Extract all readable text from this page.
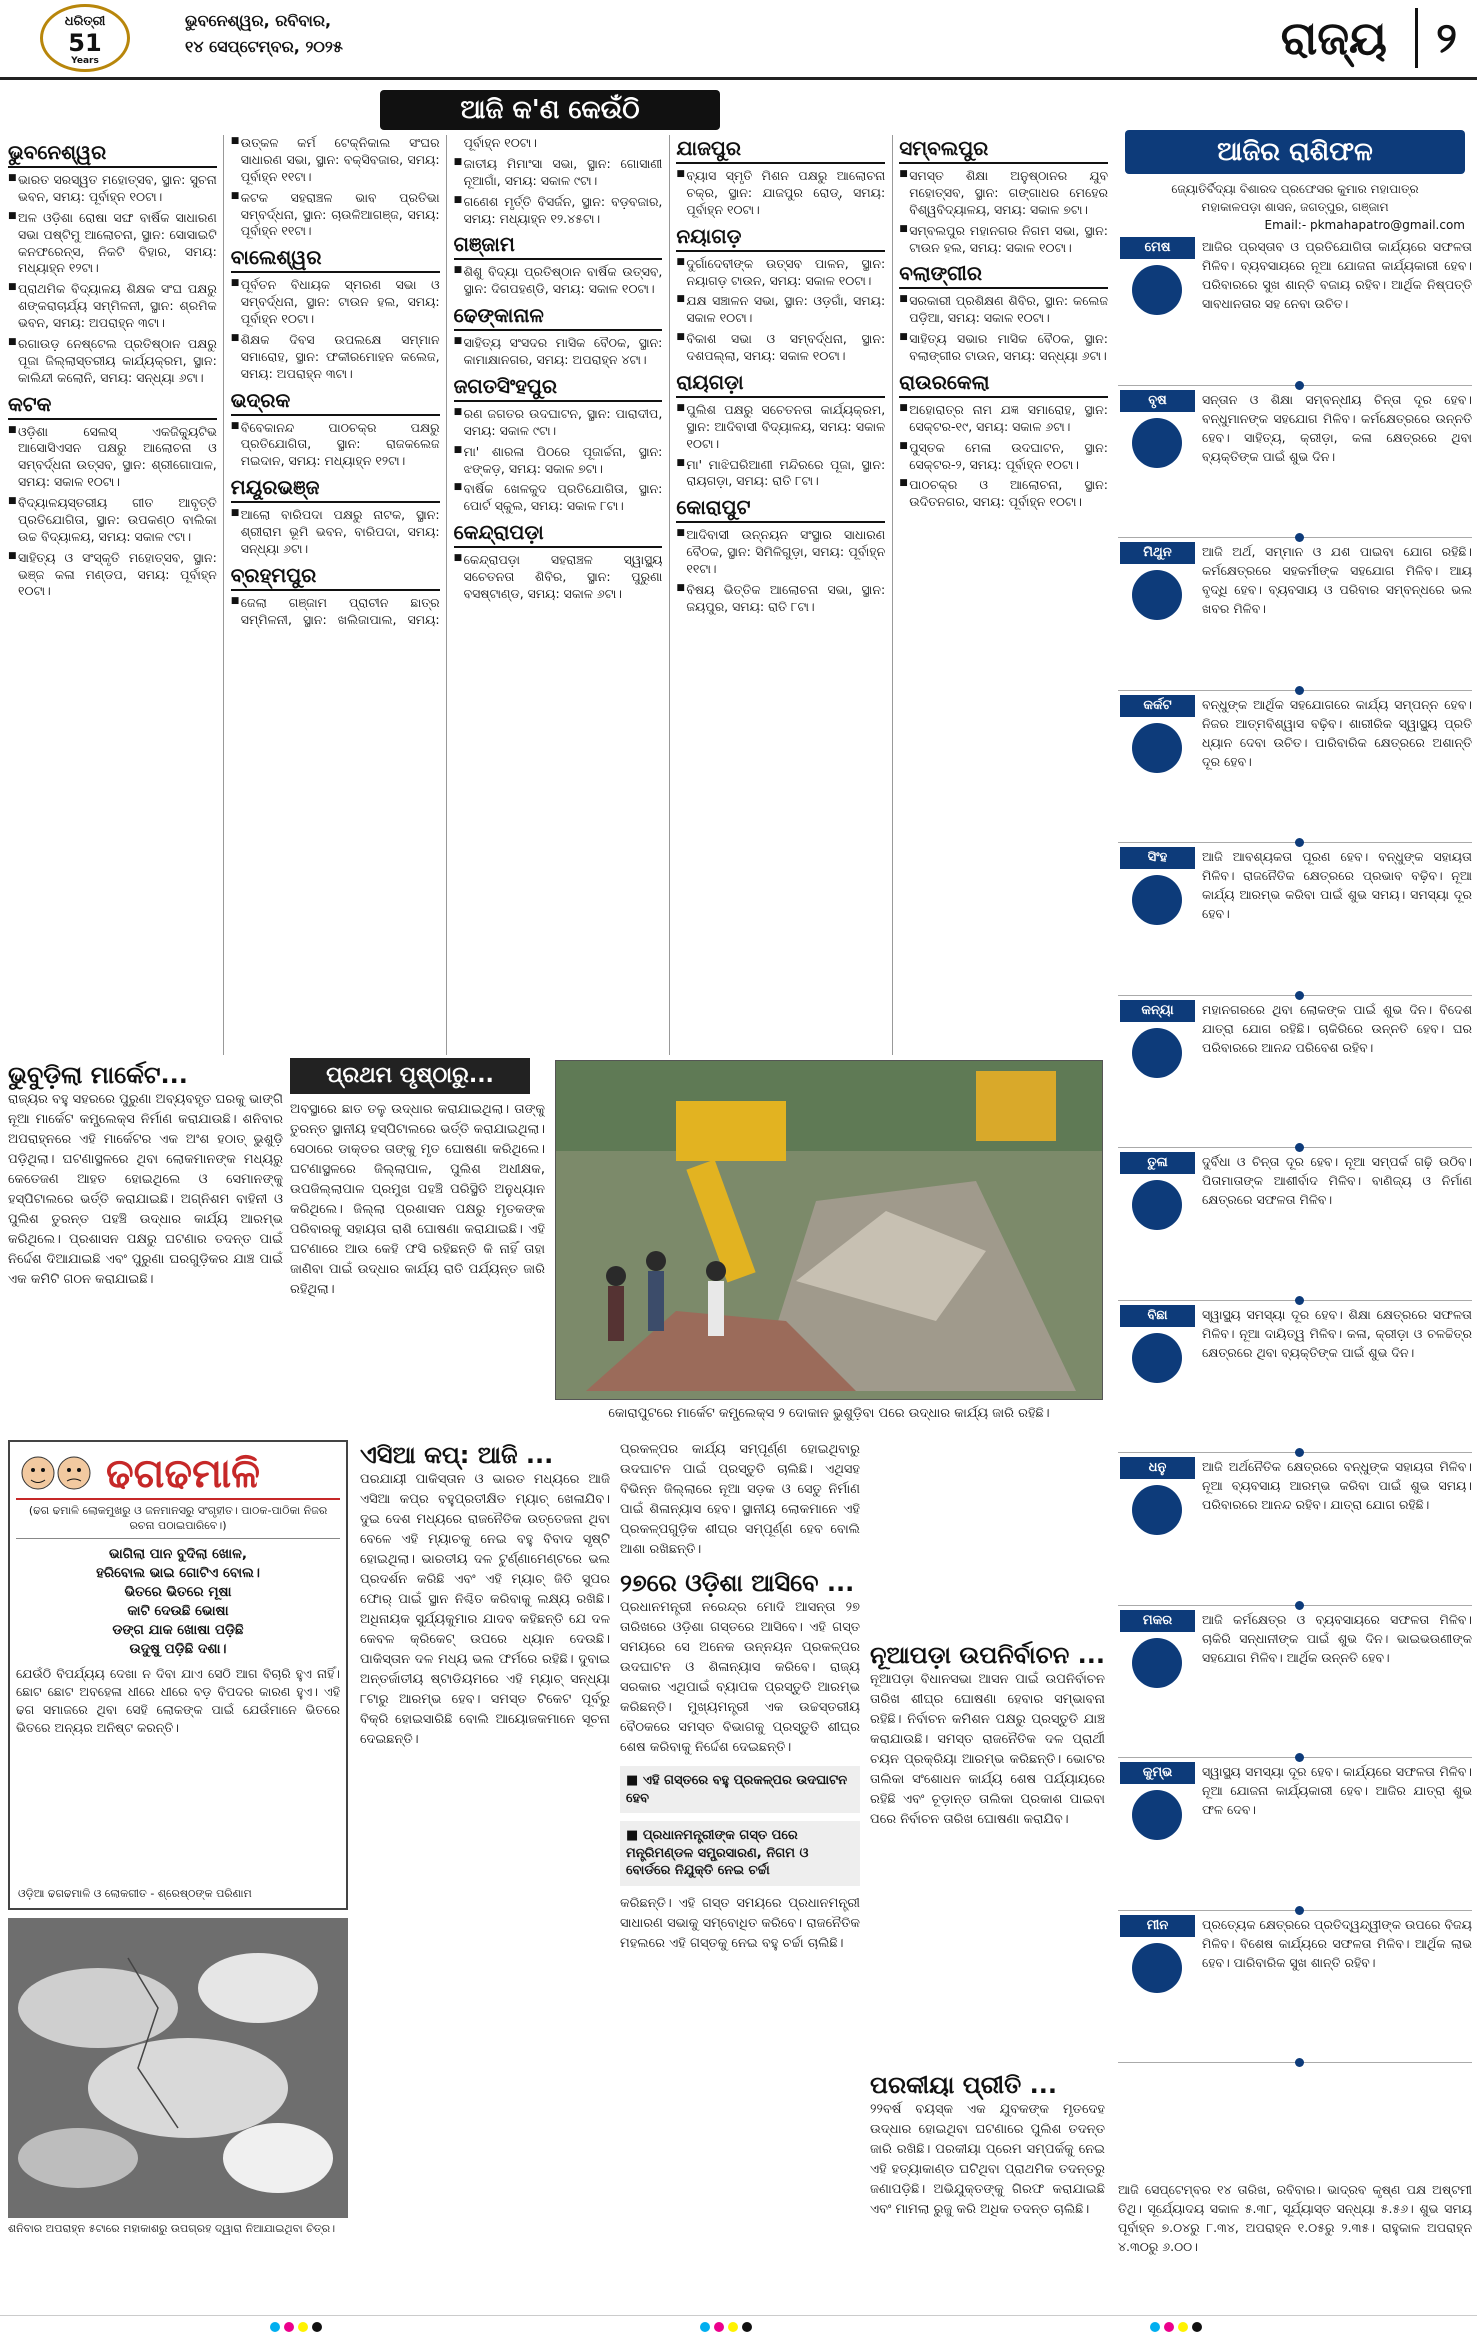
ଧରିତ୍ରୀ
51
Years
ଭୁବନେଶ୍ୱର, ରବିବାର,
୧୪ ସେପ୍ଟେମ୍ବର, ୨୦୨୫	ରାଜ୍ୟ	୨
ଆଜି କ'ଣ କେଉଁଠି
ଭୁବନେଶ୍ୱର
■ ଭାରତ ସରସ୍ୱତ ମହୋତ୍ସବ, ସ୍ଥାନ: ସୁଚନା ଭବନ, ସମୟ: ପୂର୍ବାହ୍ନ ୧୦ଟା।
■ ଅଳ ଓଡ଼ିଶା ରୋଷା ସଙ୍ଘ ବାର୍ଷିକ ସାଧାରଣ ସଭା ପଷ୍ଟିମୁ ଆଲୋଚନା, ସ୍ଥାନ: ସୋସାଇଟି କନଫରେନ୍ସ, ନିକଟି ବିହାର, ସମୟ: ମଧ୍ୟାହ୍ନ ୧୨ଟା।
■ ପ୍ରାଥମିକ ବିଦ୍ୟାଳୟ ଶିକ୍ଷକ ସଂଘ ପକ୍ଷରୁ ଶଙ୍କରାଚାର୍ଯ୍ୟ ସମ୍ମିଳନୀ, ସ୍ଥାନ: ଶ୍ରମିକ ଭବନ, ସମୟ: ଅପରାହ୍ନ ୩ଟା।
■ ରଗାଉଡ଼ ନେଷ୍ଟେଲ ପ୍ରତିଷ୍ଠାନ ପକ୍ଷରୁ ପୂଜା ଜିଲ୍ଲାସ୍ତରୀୟ କାର୍ଯ୍ୟକ୍ରମ, ସ୍ଥାନ: କାଲିନ୍ଦୀ କଲୋନି, ସମୟ: ସନ୍ଧ୍ୟା ୬ଟା।
କଟକ
■ ଓଡ଼ିଶା ସେଲସ୍ ଏକଜିକ୍ୟୁଟିଭ ଆସୋସିଏସନ ପକ୍ଷରୁ ଆଲୋଚନା ଓ ସମ୍ବର୍ଦ୍ଧନା ଉତ୍ସବ, ସ୍ଥାନ: ଶ୍ରୀଗୋପାଳ, ସମୟ: ସକାଳ ୧୦ଟା।
■ ବିଦ୍ୟାଳୟସ୍ତରୀୟ ଗୀତ ଆବୃତ୍ତି ପ୍ରତିଯୋଗିତା, ସ୍ଥାନ: ଉପକଣ୍ଠ ବାଲିକା ଉଚ୍ଚ ବିଦ୍ୟାଳୟ, ସମୟ: ସକାଳ ୯ଟା।
■ ସାହିତ୍ୟ ଓ ସଂସ୍କୃତି ମହୋତ୍ସବ, ସ୍ଥାନ: ଭଞ୍ଜ କଳା ମଣ୍ଡପ, ସମୟ: ପୂର୍ବାହ୍ନ ୧୦ଟା।
■ ଉତ୍କଳ କର୍ମ ଟେକ୍ନିକାଲ ସଂଘର ସାଧାରଣ ସଭା, ସ୍ଥାନ: ବକ୍ସିବଜାର, ସମୟ: ପୂର୍ବାହ୍ନ ୧୧ଟା।
■ କଟକ ସହରାଞ୍ଚଳ ଭାବ ପ୍ରତିଭା ସମ୍ବର୍ଦ୍ଧନା, ସ୍ଥାନ: ଚାଉଳିଆଗଞ୍ଜ, ସମୟ: ପୂର୍ବାହ୍ନ ୧୧ଟା।
ବାଲେଶ୍ୱର
■ ପୂର୍ବତନ ବିଧାୟକ ସ୍ମରଣ ସଭା ଓ ସମ୍ବର୍ଦ୍ଧନା, ସ୍ଥାନ: ଟାଉନ ହଲ, ସମୟ: ପୂର୍ବାହ୍ନ ୧୦ଟା।
■ ଶିକ୍ଷକ ଦିବସ ଉପଲକ୍ଷେ ସମ୍ମାନ ସମାରୋହ, ସ୍ଥାନ: ଫକୀରମୋହନ କଲେଜ, ସମୟ: ଅପରାହ୍ନ ୩ଟା।
ଭଦ୍ରକ
■ ବିବେକାନନ୍ଦ ପାଠଚକ୍ର ପକ୍ଷରୁ ପ୍ରତିଯୋଗିତା, ସ୍ଥାନ: ରାଜକଲେଜ ମଇଦାନ, ସମୟ: ମଧ୍ୟାହ୍ନ ୧୨ଟା।
ମୟୂରଭଞ୍ଜ
■ ଆଲୋ ବାରିପଦା ପକ୍ଷରୁ ନାଟକ, ସ୍ଥାନ: ଶ୍ରୀରାମ ଭୂମି ଭବନ, ବାରିପଦା, ସମୟ: ସନ୍ଧ୍ୟା ୬ଟା।
ବ୍ରହ୍ମପୁର
■ ଜେଲା ଗଞ୍ଜାମ ପ୍ରାଚୀନ ଛାତ୍ର ସମ୍ମିଳନୀ, ସ୍ଥାନ: ଖଲିଜାପାଲ, ସମୟ: ପୂର୍ବାହ୍ନ ୧୦ଟା।
■ ଜାତୀୟ ମିମାଂସା ସଭା, ସ୍ଥାନ: ଗୋସାଣୀ ନୂଆଗାଁ, ସମୟ: ସକାଳ ୯ଟା।
■ ଗଣେଶ ମୃର୍ତ୍ତି ବିସର୍ଜନ, ସ୍ଥାନ: ବଡ଼ବଜାର, ସମୟ: ମଧ୍ୟାହ୍ନ ୧୨.୪୫ଟା।
ଗଞ୍ଜାମ
■ ଶିଶୁ ବିଦ୍ୟା ପ୍ରତିଷ୍ଠାନ ବାର୍ଷିକ ଉତ୍ସବ, ସ୍ଥାନ: ଦିଗପହଣ୍ଡି, ସମୟ: ସକାଳ ୧୦ଟା।
ଢେଙ୍କାନାଳ
■ ସାହିତ୍ୟ ସଂସଦର ମାସିକ ବୈଠକ, ସ୍ଥାନ: କାମାକ୍ଷାନଗର, ସମୟ: ଅପରାହ୍ନ ୪ଟା।
ଜଗତସିଂହପୁର
■ ରଣ ଜଗତର ଉଦଘାଟନ, ସ୍ଥାନ: ପାରାଦୀପ, ସମୟ: ସକାଳ ୯ଟା।
■ ମା' ଶାରଳା ପିଠରେ ପୂଜାର୍ଚ୍ଚନା, ସ୍ଥାନ: ଝଙ୍କଡ଼, ସମୟ: ସକାଳ ୭ଟା।
■ ବାର୍ଷିକ ଖେଳକୁଦ ପ୍ରତିଯୋଗିତା, ସ୍ଥାନ: ପୋର୍ଟ ସ୍କୁଲ, ସମୟ: ସକାଳ ୮ଟା।
କେନ୍ଦ୍ରାପଡ଼ା
■ କେନ୍ଦ୍ରାପଡ଼ା ସହରାଞ୍ଚଳ ସ୍ୱାସ୍ଥ୍ୟ ସଚେତନତା ଶିବିର, ସ୍ଥାନ: ପୁରୁଣା ବସଷ୍ଟାଣ୍ଡ, ସମୟ: ସକାଳ ୬ଟା।
ଯାଜପୁର
■ ବ୍ୟାସ ସ୍ମୃତି ମିଶନ ପକ୍ଷରୁ ଆଲୋଚନା ଚକ୍ର, ସ୍ଥାନ: ଯାଜପୁର ରୋଡ୍, ସମୟ: ପୂର୍ବାହ୍ନ ୧୦ଟା।
ନୟାଗଡ଼
■ ଦୁର୍ଗାଦେବୀଙ୍କ ଉତ୍ସବ ପାଳନ, ସ୍ଥାନ: ନୟାଗଡ଼ ଟାଉନ, ସମୟ: ସକାଳ ୧୦ଟା।
■ ଯକ୍ଷ ସଞ୍ଚାଳନ ସଭା, ସ୍ଥାନ: ଓଡ଼ଗାଁ, ସମୟ: ସକାଳ ୧୦ଟା।
■ ବିକାଶ ସଭା ଓ ସମ୍ବର୍ଦ୍ଧନା, ସ୍ଥାନ: ଦଶପଲ୍ଲା, ସମୟ: ସକାଳ ୧୦ଟା।
ରାୟଗଡ଼ା
■ ପୁଲିଶ ପକ୍ଷରୁ ସଚେତନତା କାର୍ଯ୍ୟକ୍ରମ, ସ୍ଥାନ: ଆଦିବାସୀ ବିଦ୍ୟାଳୟ, ସମୟ: ସକାଳ ୧୦ଟା।
■ ମା' ମାଝିଘରିଆଣୀ ମନ୍ଦିରରେ ପୂଜା, ସ୍ଥାନ: ରାୟଗଡ଼ା, ସମୟ: ରାତି ୮ଟା।
କୋରାପୁଟ
■ ଆଦିବାସୀ ଉନ୍ନୟନ ସଂସ୍ଥାର ସାଧାରଣ ବୈଠକ, ସ୍ଥାନ: ସିମିଳିଗୁଡ଼ା, ସମୟ: ପୂର୍ବାହ୍ନ ୧୧ଟା।
■ ବିଷୟ ଭିତ୍ତିକ ଆଲୋଚନା ସଭା, ସ୍ଥାନ: ଜୟପୁର, ସମୟ: ରାତି ୮ଟା।
ସମ୍ବଲପୁର
■ ସମସ୍ତ ଶିକ୍ଷା ଅନୁଷ୍ଠାନର ଯୁବ ମହୋତ୍ସବ, ସ୍ଥାନ: ଗଙ୍ଗାଧର ମେହେର ବିଶ୍ୱବିଦ୍ୟାଳୟ, ସମୟ: ସକାଳ ୭ଟା।
■ ସମ୍ବଲପୁର ମହାନଗର ନିଗମ ସଭା, ସ୍ଥାନ: ଟାଉନ ହଲ, ସମୟ: ସକାଳ ୧୦ଟା।
ବଲାଙ୍ଗୀର
■ ସରକାରୀ ପ୍ରଶିକ୍ଷଣ ଶିବିର, ସ୍ଥାନ: କଲେଜ ପଡ଼ିଆ, ସମୟ: ସକାଳ ୧୦ଟା।
■ ସାହିତ୍ୟ ସଭାର ମାସିକ ବୈଠକ, ସ୍ଥାନ: ବଲାଙ୍ଗୀର ଟାଉନ, ସମୟ: ସନ୍ଧ୍ୟା ୬ଟା।
ରାଉରକେଲା
■ ଅହୋରାତ୍ର ନାମ ଯଜ୍ଞ ସମାରୋହ, ସ୍ଥାନ: ସେକ୍ଟର-୧୯, ସମୟ: ସକାଳ ୬ଟା।
■ ପୁସ୍ତକ ମେଳା ଉଦଘାଟନ, ସ୍ଥାନ: ସେକ୍ଟର-୨, ସମୟ: ପୂର୍ବାହ୍ନ ୧୦ଟା।
■ ପାଠଚକ୍ର ଓ ଆଲୋଚନା, ସ୍ଥାନ: ଉଦିତନଗର, ସମୟ: ପୂର୍ବାହ୍ନ ୧୦ଟା।
ଭୁବୁଡ଼ିଲା ମାର୍କେଟ...
ରାଜ୍ୟର ବହୁ ସହରରେ ପୁରୁଣା ଅବ୍ୟବହୃତ ଘରକୁ ଭାଙ୍ଗି ନୂଆ ମାର୍କେଟ କମ୍ପ୍ଲେକ୍ସ ନିର୍ମାଣ କରାଯାଉଛି। ଶନିବାର ଅପରାହ୍ନରେ ଏହି ମାର୍କେଟର ଏକ ଅଂଶ ହଠାତ୍ ଭୁଶୁଡ଼ି ପଡ଼ିଥିଲା। ଘଟଣାସ୍ଥଳରେ ଥିବା ଲୋକମାନଙ୍କ ମଧ୍ୟରୁ କେତେଜଣ ଆହତ ହୋଇଥିଲେ ଓ ସେମାନଙ୍କୁ ହସ୍ପିଟାଲରେ ଭର୍ତ୍ତି କରାଯାଇଛି। ଅଗ୍ନିଶମ ବାହିନୀ ଓ ପୁଲିଶ ତୁରନ୍ତ ପହଞ୍ଚି ଉଦ୍ଧାର କାର୍ଯ୍ୟ ଆରମ୍ଭ କରିଥିଲେ। ପ୍ରଶାସନ ପକ୍ଷରୁ ଘଟଣାର ତଦନ୍ତ ପାଇଁ ନିର୍ଦ୍ଦେଶ ଦିଆଯାଇଛି ଏବଂ ପୁରୁଣା ଘରଗୁଡ଼ିକର ଯାଞ୍ଚ ପାଇଁ ଏକ କମିଟି ଗଠନ କରାଯାଇଛି।
ପ୍ରଥମ ପୃଷ୍ଠାରୁ...
ଅବସ୍ଥାରେ ଛାତ ତଳୁ ଉଦ୍ଧାର କରାଯାଇଥିଲା। ତାଙ୍କୁ ତୁରନ୍ତ ସ୍ଥାନୀୟ ହସ୍ପିଟାଲରେ ଭର୍ତ୍ତି କରାଯାଇଥିଲା। ସେଠାରେ ଡାକ୍ତର ତାଙ୍କୁ ମୃତ ଘୋଷଣା କରିଥିଲେ। ଘଟଣାସ୍ଥଳରେ ଜିଲ୍ଲାପାଳ, ପୁଲିଶ ଅଧୀକ୍ଷକ, ଉପଜିଲ୍ଲାପାଳ ପ୍ରମୁଖ ପହଞ୍ଚି ପରିସ୍ଥିତି ଅନୁଧ୍ୟାନ କରିଥିଲେ। ଜିଲ୍ଲା ପ୍ରଶାସନ ପକ୍ଷରୁ ମୃତକଙ୍କ ପରିବାରକୁ ସହାୟତା ରାଶି ଘୋଷଣା କରାଯାଇଛି। ଏହି ଘଟଣାରେ ଆଉ କେହି ଫସି ରହିଛନ୍ତି କି ନାହିଁ ତାହା ଜାଣିବା ପାଇଁ ଉଦ୍ଧାର କାର୍ଯ୍ୟ ରାତି ପର୍ଯ୍ୟନ୍ତ ଜାରି ରହିଥିଲା।
କୋରାପୁଟରେ ମାର୍କେଟ କମ୍ପ୍ଲେକ୍ସ ୨ ଦୋକାନ ଭୁଶୁଡ଼ିବା ପରେ ଉଦ୍ଧାର କାର୍ଯ୍ୟ ଜାରି ରହିଛି।
ଢଗଢମାଳି
(ଢଗ ଢମାଳି ଲୋକମୁଖରୁ ଓ ଜନମାନସରୁ ସଂଗୃହୀତ। ପାଠକ-ପାଠିକା ନିଜର ରଚନା ପଠାଇପାରିବେ।)
ଭାଗିଲା ପାନ ବୁଦିଲା ଖୋଳ,
ହରିବୋଲ ଭାଇ ଗୋଟିଏ ବୋଲ।
ଭିତରେ ଭିତରେ ମୂଷା
କାଟି ଦେଉଛି ଭୋଷା
ଡଙ୍ଗ ଯାକ ଖୋଷା ପଡ଼ିଛି
ଉଦୁଷୁ ପଡ଼ିଛି ଦଶା।
ଯେଉଁଠି ବିପର୍ଯ୍ୟୟ ଦେଖା ନ ଦିବା ଯାଏ ସେଠି ଆଗ ବିଚାରି ହୁଏ ନାହିଁ। ଛୋଟ ଛୋଟ ଅବହେଳା ଧୀରେ ଧୀରେ ବଡ଼ ବିପଦର କାରଣ ହୁଏ। ଏହି ଢଗ ସମାଜରେ ଥିବା ସେହି ଲୋକଙ୍କ ପାଇଁ ଯେଉଁମାନେ ଭିତରେ ଭିତରେ ଅନ୍ୟର ଅନିଷ୍ଟ କରନ୍ତି।
ଓଡ଼ିଆ ଢଗଢମାଳି ଓ ଲୋକଗୀତ - ଶ୍ରେଷ୍ଠଙ୍କ ପରିଣାମ
ଶନିବାର ଅପରାହ୍ନ ୫ଟାରେ ମହାକାଶରୁ ଉପଗ୍ରହ ଦ୍ୱାରା ନିଆଯାଇଥିବା ଚିତ୍ର।
ଏସିଆ କପ୍: ଆଜି ...
ପରଯାୟୀ ପାକିସ୍ତାନ ଓ ଭାରତ ମଧ୍ୟରେ ଆଜି ଏସିଆ କପ୍‌ର ବହୁପ୍ରତୀକ୍ଷିତ ମ୍ୟାଚ୍ ଖେଳାଯିବ। ଦୁଇ ଦେଶ ମଧ୍ୟରେ ରାଜନୈତିକ ଉତ୍ତେଜନା ଥିବା ବେଳେ ଏହି ମ୍ୟାଚକୁ ନେଇ ବହୁ ବିବାଦ ସୃଷ୍ଟି ହୋଇଥିଲା। ଭାରତୀୟ ଦଳ ଟୁର୍ଣ୍ଣାମେଣ୍ଟରେ ଭଲ ପ୍ରଦର୍ଶନ କରିଛି ଏବଂ ଏହି ମ୍ୟାଚ୍ ଜିତି ସୁପର ଫୋର୍ ପାଇଁ ସ୍ଥାନ ନିଶ୍ଚିତ କରିବାକୁ ଲକ୍ଷ୍ୟ ରଖିଛି। ଅଧିନାୟକ ସୁର୍ଯ୍ୟକୁମାର ଯାଦବ କହିଛନ୍ତି ଯେ ଦଳ କେବଳ କ୍ରିକେଟ୍ ଉପରେ ଧ୍ୟାନ ଦେଉଛି। ପାକିସ୍ତାନ ଦଳ ମଧ୍ୟ ଭଲ ଫର୍ମରେ ରହିଛି। ଦୁବାଇ ଅନ୍ତର୍ଜାତୀୟ ଷ୍ଟାଡିୟମରେ ଏହି ମ୍ୟାଚ୍ ସନ୍ଧ୍ୟା ୮ଟାରୁ ଆରମ୍ଭ ହେବ। ସମସ୍ତ ଟିକେଟ ପୂର୍ବରୁ ବିକ୍ରି ହୋଇସାରିଛି ବୋଲି ଆୟୋଜକମାନେ ସୂଚନା ଦେଇଛନ୍ତି।
ପ୍ରକଳ୍ପର କାର୍ଯ୍ୟ ସମ୍ପୂର୍ଣ୍ଣ ହୋଇଥିବାରୁ ଉଦଘାଟନ ପାଇଁ ପ୍ରସ୍ତୁତି ଚାଲିଛି। ଏଥିସହ ବିଭିନ୍ନ ଜିଲ୍ଲାରେ ନୂଆ ସଡ଼କ ଓ ସେତୁ ନିର୍ମାଣ ପାଇଁ ଶିଳାନ୍ୟାସ ହେବ। ସ୍ଥାନୀୟ ଲୋକମାନେ ଏହି ପ୍ରକଳ୍ପଗୁଡ଼ିକ ଶୀଘ୍ର ସମ୍ପୂର୍ଣ୍ଣ ହେବ ବୋଲି ଆଶା ରଖିଛନ୍ତି।
୨୭ରେ ଓଡ଼ିଶା ଆସିବେ ...
ପ୍ରଧାନମନ୍ତ୍ରୀ ନରେନ୍ଦ୍ର ମୋଦି ଆସନ୍ତା ୨୭ ତାରିଖରେ ଓଡ଼ିଶା ଗସ୍ତରେ ଆସିବେ। ଏହି ଗସ୍ତ ସମୟରେ ସେ ଅନେକ ଉନ୍ନୟନ ପ୍ରକଳ୍ପର ଉଦଘାଟନ ଓ ଶିଳାନ୍ୟାସ କରିବେ। ରାଜ୍ୟ ସରକାର ଏଥିପାଇଁ ବ୍ୟାପକ ପ୍ରସ୍ତୁତି ଆରମ୍ଭ କରିଛନ୍ତି। ମୁଖ୍ୟମନ୍ତ୍ରୀ ଏକ ଉଚ୍ଚସ୍ତରୀୟ ବୈଠକରେ ସମସ୍ତ ବିଭାଗକୁ ପ୍ରସ୍ତୁତି ଶୀଘ୍ର ଶେଷ କରିବାକୁ ନିର୍ଦ୍ଦେଶ ଦେଇଛନ୍ତି।
■ ଏହି ଗସ୍ତରେ ବହୁ ପ୍ରକଳ୍ପର ଉଦଘାଟନ ହେବ
■ ପ୍ରଧାନମନ୍ତ୍ରୀଙ୍କ ଗସ୍ତ ପରେ ମନ୍ତ୍ରିମଣ୍ଡଳ ସମ୍ପ୍ରସାରଣ, ନିଗମ ଓ ବୋର୍ଡରେ ନିଯୁକ୍ତି ନେଇ ଚର୍ଚ୍ଚା
କରିଛନ୍ତି। ଏହି ଗସ୍ତ ସମୟରେ ପ୍ରଧାନମନ୍ତ୍ରୀ ସାଧାରଣ ସଭାକୁ ସମ୍ବୋଧିତ କରିବେ। ରାଜନୈତିକ ମହଲରେ ଏହି ଗସ୍ତକୁ ନେଇ ବହୁ ଚର୍ଚ୍ଚା ଚାଲିଛି।
ନୂଆପଡ଼ା ଉପନିର୍ବାଚନ ...
ନୂଆପଡ଼ା ବିଧାନସଭା ଆସନ ପାଇଁ ଉପନିର୍ବାଚନ ତାରିଖ ଶୀଘ୍ର ଘୋଷଣା ହେବାର ସମ୍ଭାବନା ରହିଛି। ନିର୍ବାଚନ କମିଶନ ପକ୍ଷରୁ ପ୍ରସ୍ତୁତି ଯାଞ୍ଚ କରାଯାଉଛି। ସମସ୍ତ ରାଜନୈତିକ ଦଳ ପ୍ରାର୍ଥୀ ଚୟନ ପ୍ରକ୍ରିୟା ଆରମ୍ଭ କରିଛନ୍ତି। ଭୋଟର ତାଲିକା ସଂଶୋଧନ କାର୍ଯ୍ୟ ଶେଷ ପର୍ଯ୍ୟାୟରେ ରହିଛି ଏବଂ ଚୂଡ଼ାନ୍ତ ତାଲିକା ପ୍ରକାଶ ପାଇବା ପରେ ନିର୍ବାଚନ ତାରିଖ ଘୋଷଣା କରାଯିବ।
ପରକୀୟା ପ୍ରୀତି ...
୨୨ବର୍ଷ ବୟସ୍କ ଏକ ଯୁବକଙ୍କ ମୃତଦେହ ଉଦ୍ଧାର ହୋଇଥିବା ଘଟଣାରେ ପୁଲିଶ ତଦନ୍ତ ଜାରି ରଖିଛି। ପରକୀୟା ପ୍ରେମ ସମ୍ପର୍କକୁ ନେଇ ଏହି ହତ୍ୟାକାଣ୍ଡ ଘଟିଥିବା ପ୍ରାଥମିକ ତଦନ୍ତରୁ ଜଣାପଡ଼ିଛି। ଅଭିଯୁକ୍ତଙ୍କୁ ଗିରଫ କରାଯାଇଛି ଏବଂ ମାମଲା ରୁଜୁ କରି ଅଧିକ ତଦନ୍ତ ଚାଲିଛି।
ଆଜିର ରାଶିଫଳ
ଜ୍ୟୋତିର୍ବିଦ୍ୟା ବିଶାରଦ ପ୍ରଫେସର କୁମାର ମହାପାତ୍ର
ମହାକାଳପଡ଼ା ଶାସନ, ଜଗତ୍ପୁର, ଗଞ୍ଜାମ
Email:- pkmahapatro@gmail.com
ମେଷ	ଆଜିର ପ୍ରସ୍ତାବ ଓ ପ୍ରତିଯୋଗିତା କାର୍ଯ୍ୟରେ ସଫଳତା ମିଳିବ। ବ୍ୟବସାୟରେ ନୂଆ ଯୋଜନା କାର୍ଯ୍ୟକାରୀ ହେବ। ପରିବାରରେ ସୁଖ ଶାନ୍ତି ବଜାୟ ରହିବ। ଆର୍ଥିକ ନିଷ୍ପତ୍ତି ସାବଧାନତାର ସହ ନେବା ଉଚିତ।
ବୃଷ	ସନ୍ତାନ ଓ ଶିକ୍ଷା ସମ୍ବନ୍ଧୀୟ ଚିନ୍ତା ଦୂର ହେବ। ବନ୍ଧୁମାନଙ୍କ ସହଯୋଗ ମିଳିବ। କର୍ମକ୍ଷେତ୍ରରେ ଉନ୍ନତି ହେବ। ସାହିତ୍ୟ, କ୍ରୀଡ଼ା, କଳା କ୍ଷେତ୍ରରେ ଥିବା ବ୍ୟକ୍ତିଙ୍କ ପାଇଁ ଶୁଭ ଦିନ।
ମିଥୁନ	ଆଜି ଅର୍ଥ, ସମ୍ମାନ ଓ ଯଶ ପାଇବା ଯୋଗ ରହିଛି। କର୍ମକ୍ଷେତ୍ରରେ ସହକର୍ମୀଙ୍କ ସହଯୋଗ ମିଳିବ। ଆୟ ବୃଦ୍ଧି ହେବ। ବ୍ୟବସାୟ ଓ ପରିବାର ସମ୍ବନ୍ଧରେ ଭଲ ଖବର ମିଳିବ।
କର୍କଟ	ବନ୍ଧୁଙ୍କ ଆର୍ଥିକ ସହଯୋଗରେ କାର୍ଯ୍ୟ ସମ୍ପନ୍ନ ହେବ। ନିଜର ଆତ୍ମବିଶ୍ୱାସ ବଢ଼ିବ। ଶାରୀରିକ ସ୍ୱାସ୍ଥ୍ୟ ପ୍ରତି ଧ୍ୟାନ ଦେବା ଉଚିତ। ପାରିବାରିକ କ୍ଷେତ୍ରରେ ଅଶାନ୍ତି ଦୂର ହେବ।
ସିଂହ	ଆଜି ଆବଶ୍ୟକତା ପୂରଣ ହେବ। ବନ୍ଧୁଙ୍କ ସହାୟତା ମିଳିବ। ରାଜନୈତିକ କ୍ଷେତ୍ରରେ ପ୍ରଭାବ ବଢ଼ିବ। ନୂଆ କାର୍ଯ୍ୟ ଆରମ୍ଭ କରିବା ପାଇଁ ଶୁଭ ସମୟ। ସମସ୍ୟା ଦୂର ହେବ।
କନ୍ୟା	ମହାନଗରରେ ଥିବା ଲୋକଙ୍କ ପାଇଁ ଶୁଭ ଦିନ। ବିଦେଶ ଯାତ୍ରା ଯୋଗ ରହିଛି। ଚାକିରିରେ ଉନ୍ନତି ହେବ। ଘର ପରିବାରରେ ଆନନ୍ଦ ପରିବେଶ ରହିବ।
ତୁଳା	ଦୁର୍ବିଧା ଓ ଚିନ୍ତା ଦୂର ହେବ। ନୂଆ ସମ୍ପର୍କ ଗଢ଼ି ଉଠିବ। ପିତାମାତାଙ୍କ ଆଶୀର୍ବାଦ ମିଳିବ। ବାଣିଜ୍ୟ ଓ ନିର୍ମାଣ କ୍ଷେତ୍ରରେ ସଫଳତା ମିଳିବ।
ବିଛା	ସ୍ୱାସ୍ଥ୍ୟ ସମସ୍ୟା ଦୂର ହେବ। ଶିକ୍ଷା କ୍ଷେତ୍ରରେ ସଫଳତା ମିଳିବ। ନୂଆ ଦାୟିତ୍ୱ ମିଳିବ। କଳା, କ୍ରୀଡ଼ା ଓ ଚଳଚ୍ଚିତ୍ର କ୍ଷେତ୍ରରେ ଥିବା ବ୍ୟକ୍ତିଙ୍କ ପାଇଁ ଶୁଭ ଦିନ।
ଧନୁ	ଆଜି ଅର୍ଥନୈତିକ କ୍ଷେତ୍ରରେ ବନ୍ଧୁଙ୍କ ସହାୟତା ମିଳିବ। ନୂଆ ବ୍ୟବସାୟ ଆରମ୍ଭ କରିବା ପାଇଁ ଶୁଭ ସମୟ। ପରିବାରରେ ଆନନ୍ଦ ରହିବ। ଯାତ୍ରା ଯୋଗ ରହିଛି।
ମକର	ଆଜି କର୍ମକ୍ଷେତ୍ର ଓ ବ୍ୟବସାୟରେ ସଫଳତା ମିଳିବ। ଚାକିରି ସନ୍ଧାନୀଙ୍କ ପାଇଁ ଶୁଭ ଦିନ। ଭାଇଭଉଣୀଙ୍କ ସହଯୋଗ ମିଳିବ। ଆର୍ଥିକ ଉନ୍ନତି ହେବ।
କୁମ୍ଭ	ସ୍ୱାସ୍ଥ୍ୟ ସମସ୍ୟା ଦୂର ହେବ। କାର୍ଯ୍ୟରେ ସଫଳତା ମିଳିବ। ନୂଆ ଯୋଜନା କାର୍ଯ୍ୟକାରୀ ହେବ। ଆଜିର ଯାତ୍ରା ଶୁଭ ଫଳ ଦେବ।
ମୀନ	ପ୍ରତ୍ୟେକ କ୍ଷେତ୍ରରେ ପ୍ରତିଦ୍ୱନ୍ଦ୍ୱୀଙ୍କ ଉପରେ ବିଜୟ ମିଳିବ। ବିଶେଷ କାର୍ଯ୍ୟରେ ସଫଳତା ମିଳିବ। ଆର୍ଥିକ ଲାଭ ହେବ। ପାରିବାରିକ ସୁଖ ଶାନ୍ତି ରହିବ।
ଆଜି ସେପ୍ଟେମ୍ବର ୧୪ ତାରିଖ, ରବିବାର। ଭାଦ୍ରବ କୃଷ୍ଣ ପକ୍ଷ ଅଷ୍ଟମୀ ତିଥି। ସୂର୍ଯ୍ୟୋଦୟ ସକାଳ ୫.୩୮, ସୂର୍ଯ୍ୟାସ୍ତ ସନ୍ଧ୍ୟା ୫.୫୬। ଶୁଭ ସମୟ ପୂର୍ବାହ୍ନ ୭.୦୪ରୁ ୮.୩୪, ଅପରାହ୍ନ ୧.୦୫ରୁ ୨.୩୫। ରାହୁକାଳ ଅପରାହ୍ନ ୪.୩୦ରୁ ୬.୦୦।
